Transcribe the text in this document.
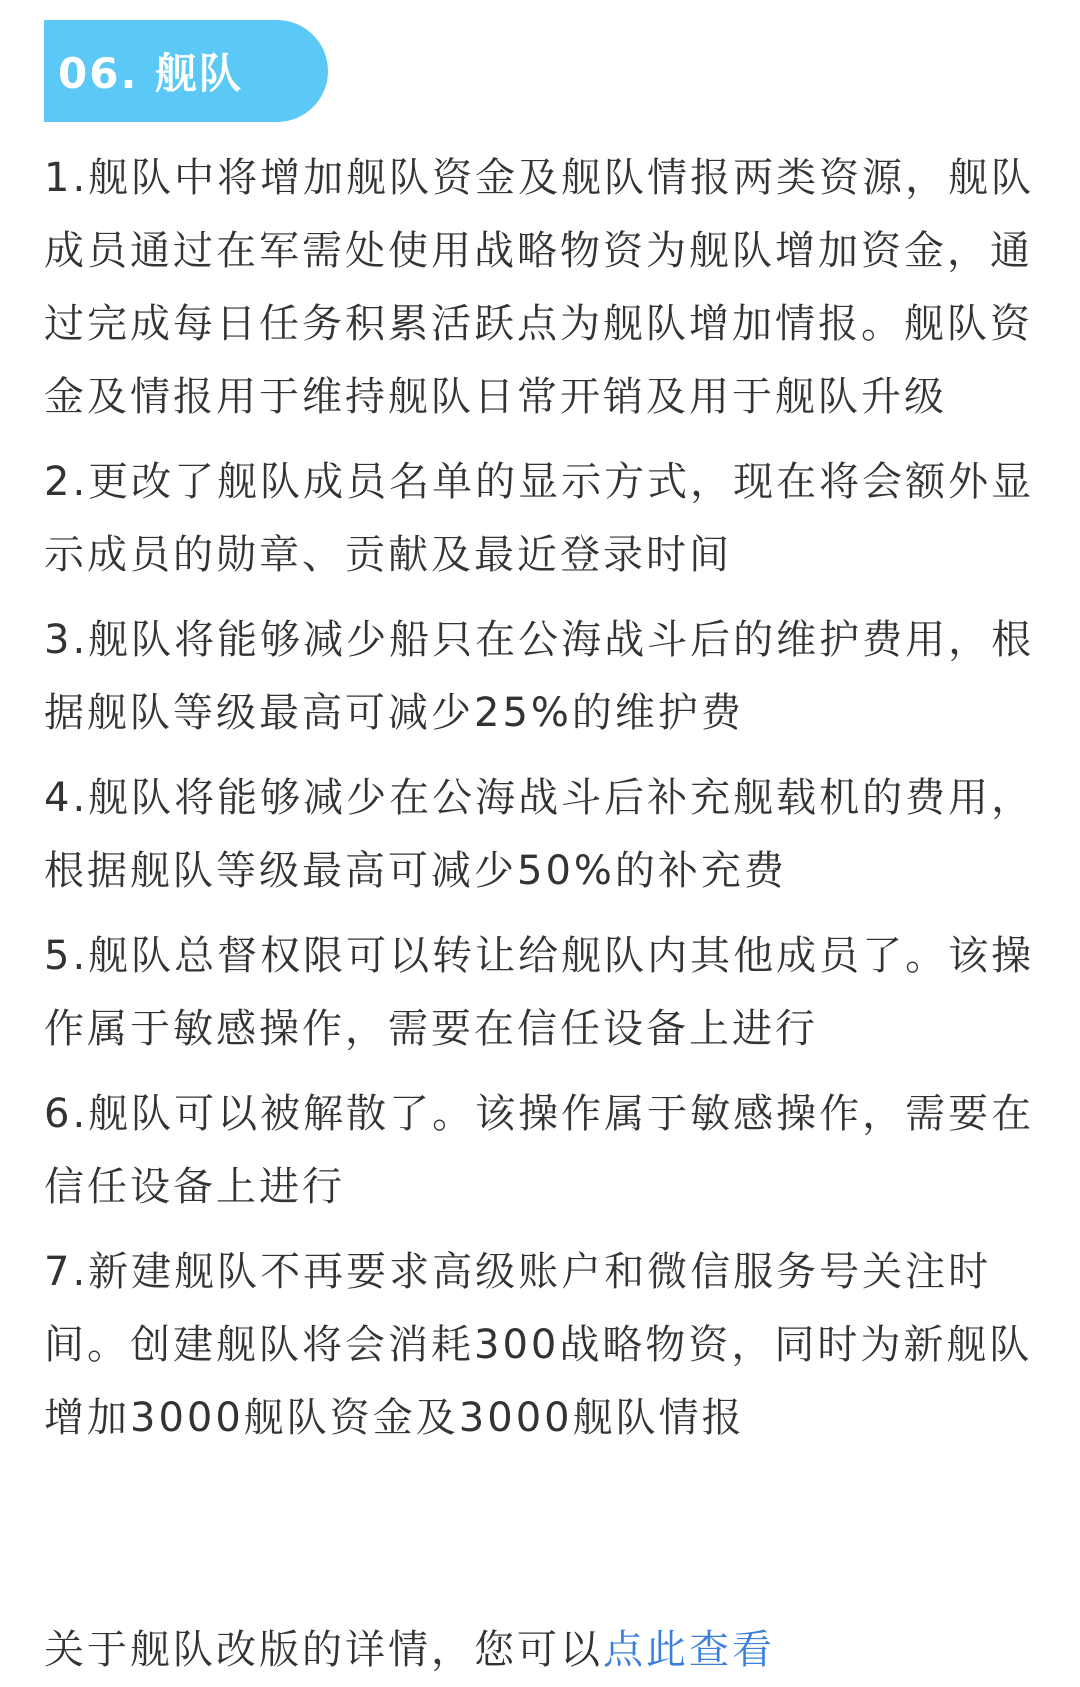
06. 舰队

1.舰队中将增加舰队资金及舰队情报两类资源，舰队成员通过在军需处使用战略物资为舰队增加资金，通过完成每日任务积累活跃点为舰队增加情报。舰队资金及情报用于维持舰队日常开销及用于舰队升级

2.更改了舰队成员名单的显示方式，现在将会额外显示成员的勋章、贡献及最近登录时间

3.舰队将能够减少船只在公海战斗后的维护费用，根据舰队等级最高可减少25%的维护费

4.舰队将能够减少在公海战斗后补充舰载机的费用，根据舰队等级最高可减少50%的补充费

5.舰队总督权限可以转让给舰队内其他成员了。该操作属于敏感操作，需要在信任设备上进行

6.舰队可以被解散了。该操作属于敏感操作，需要在信任设备上进行

7.新建舰队不再要求高级账户和微信服务号关注时间。创建舰队将会消耗300战略物资，同时为新舰队增加3000舰队资金及3000舰队情报

关于舰队改版的详情，您可以点此查看
